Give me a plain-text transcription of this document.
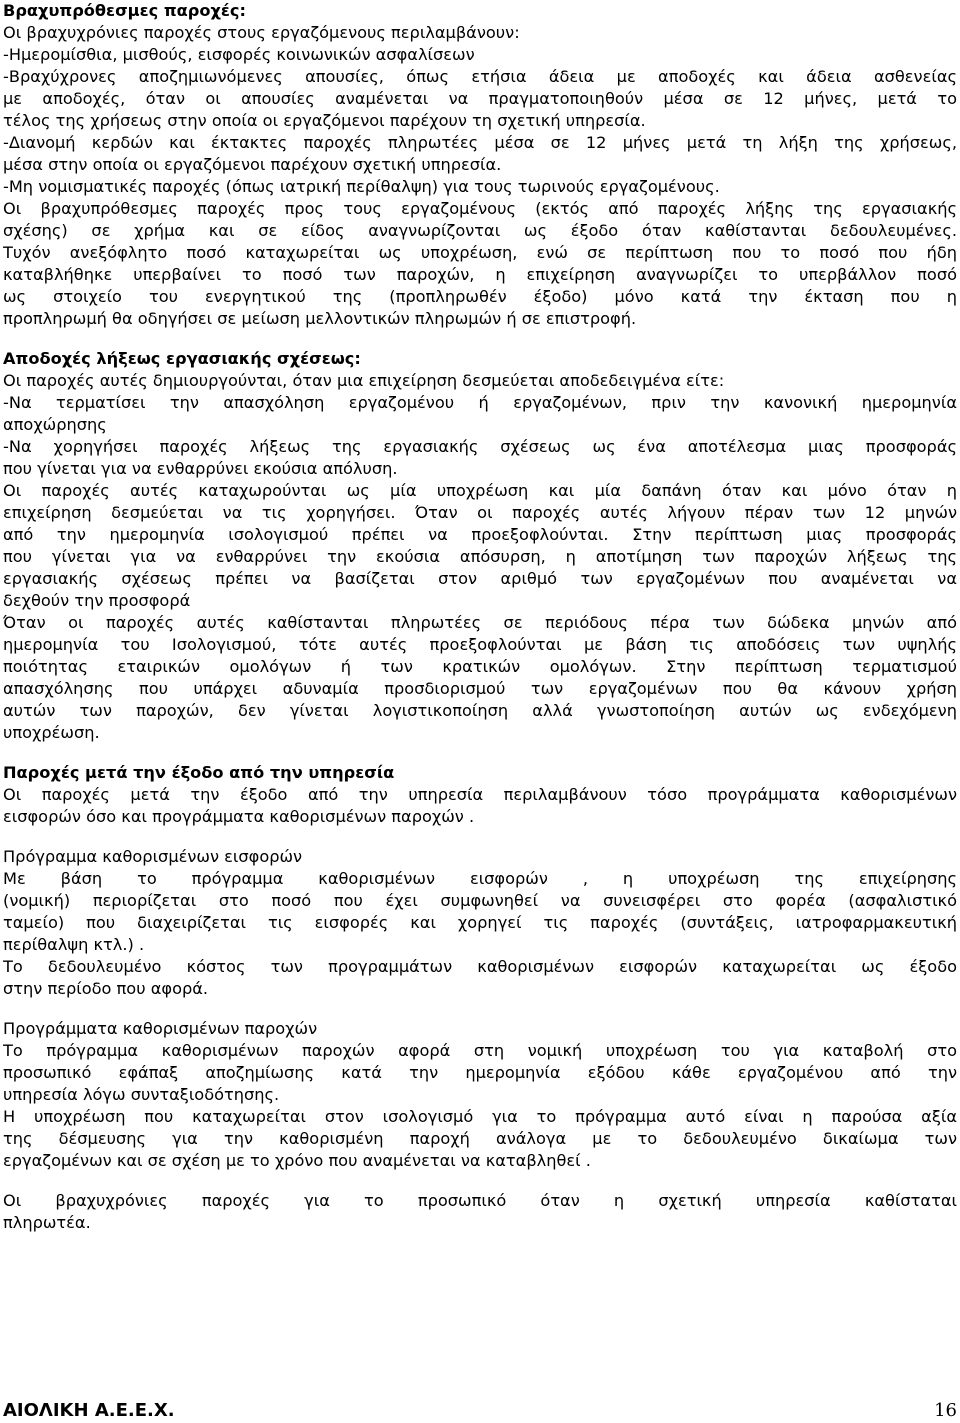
Βραχυπρόθεσμες παροχές:
Οι βραχυχρόνιες παροχές στους εργαζόμενους περιλαμβάνουν:
-Ημερομίσθια, μισθούς, εισφορές κοινωνικών ασφαλίσεων
-Βραχύχρονες αποζημιωνόμενες απουσίες, όπως ετήσια άδεια με αποδοχές και άδεια ασθενείας
με αποδοχές, όταν οι απουσίες αναμένεται να πραγματοποιηθούν μέσα σε 12 μήνες, μετά το
τέλος της χρήσεως στην οποία οι εργαζόμενοι παρέχουν τη σχετική υπηρεσία.
-Διανομή κερδών και έκτακτες παροχές πληρωτέες μέσα σε 12 μήνες μετά τη λήξη της χρήσεως,
μέσα στην οποία οι εργαζόμενοι παρέχουν σχετική υπηρεσία.
-Μη νομισματικές παροχές (όπως ιατρική περίθαλψη) για τους τωρινούς εργαζομένους.
Οι βραχυπρόθεσμες παροχές προς τους εργαζομένους (εκτός από παροχές λήξης της εργασιακής
σχέσης) σε χρήμα και σε είδος αναγνωρίζονται ως έξοδο όταν καθίστανται δεδουλευμένες.
Τυχόν ανεξόφλητο ποσό καταχωρείται ως υποχρέωση, ενώ σε περίπτωση που το ποσό που ήδη
καταβλήθηκε υπερβαίνει το ποσό των παροχών, η επιχείρηση αναγνωρίζει το υπερβάλλον ποσό
ως στοιχείο του ενεργητικού της (προπληρωθέν έξοδο) μόνο κατά την έκταση που η
προπληρωμή θα οδηγήσει σε μείωση μελλοντικών πληρωμών ή σε επιστροφή.
Αποδοχές λήξεως εργασιακής σχέσεως:
Οι παροχές αυτές δημιουργούνται, όταν μια επιχείρηση δεσμεύεται αποδεδειγμένα είτε:
-Να τερματίσει την απασχόληση εργαζομένου ή εργαζομένων, πριν την κανονική ημερομηνία
αποχώρησης
-Να χορηγήσει παροχές λήξεως της εργασιακής σχέσεως ως ένα αποτέλεσμα μιας προσφοράς
που γίνεται για να ενθαρρύνει εκούσια απόλυση.
Οι παροχές αυτές καταχωρούνται ως μία υποχρέωση και μία δαπάνη όταν και μόνο όταν η
επιχείρηση δεσμεύεται να τις χορηγήσει. Όταν οι παροχές αυτές λήγουν πέραν των 12 μηνών
από την ημερομηνία ισολογισμού πρέπει να προεξοφλούνται. Στην περίπτωση μιας προσφοράς
που γίνεται για να ενθαρρύνει την εκούσια απόσυρση, η αποτίμηση των παροχών λήξεως της
εργασιακής σχέσεως πρέπει να βασίζεται στον αριθμό των εργαζομένων που αναμένεται να
δεχθούν την προσφορά
Όταν οι παροχές αυτές καθίστανται πληρωτέες σε περιόδους πέρα των δώδεκα μηνών από
ημερομηνία του Ισολογισμού, τότε αυτές προεξοφλούνται με βάση τις αποδόσεις των υψηλής
ποιότητας εταιρικών ομολόγων ή των κρατικών ομολόγων. Στην περίπτωση τερματισμού
απασχόλησης που υπάρχει αδυναμία προσδιορισμού των εργαζομένων που θα κάνουν χρήση
αυτών των παροχών, δεν γίνεται λογιστικοποίηση αλλά γνωστοποίηση αυτών ως ενδεχόμενη
υποχρέωση.
Παροχές μετά την έξοδο από την υπηρεσία
Οι παροχές μετά την έξοδο από την υπηρεσία περιλαμβάνουν τόσο προγράμματα καθορισμένων
εισφορών όσο και προγράμματα καθορισμένων παροχών .
Πρόγραμμα καθορισμένων εισφορών
Με βάση το πρόγραμμα καθορισμένων εισφορών , η υποχρέωση της επιχείρησης
(νομική) περιορίζεται στο ποσό που έχει συμφωνηθεί να συνεισφέρει στο φορέα (ασφαλιστικό
ταμείο) που διαχειρίζεται τις εισφορές και χορηγεί τις παροχές (συντάξεις, ιατροφαρμακευτική
περίθαλψη κτλ.) .
Το δεδουλευμένο κόστος των προγραμμάτων καθορισμένων εισφορών καταχωρείται ως έξοδο
στην περίοδο που αφορά.
Προγράμματα καθορισμένων παροχών
Το πρόγραμμα καθορισμένων παροχών αφορά στη νομική υποχρέωση του για καταβολή στο
προσωπικό εφάπαξ αποζημίωσης κατά την ημερομηνία εξόδου κάθε εργαζομένου από την
υπηρεσία λόγω συνταξιοδότησης.
Η υποχρέωση που καταχωρείται στον ισολογισμό για το πρόγραμμα αυτό είναι η παρούσα αξία
της δέσμευσης για την καθορισμένη παροχή ανάλογα με το δεδουλευμένο δικαίωμα των
εργαζομένων και σε σχέση με το χρόνο που αναμένεται να καταβληθεί .
Οι βραχυχρόνιες παροχές για το προσωπικό όταν η σχετική υπηρεσία καθίσταται
πληρωτέα.
ΑΙΟΛΙΚΗ Α.Ε.Ε.Χ.	16
